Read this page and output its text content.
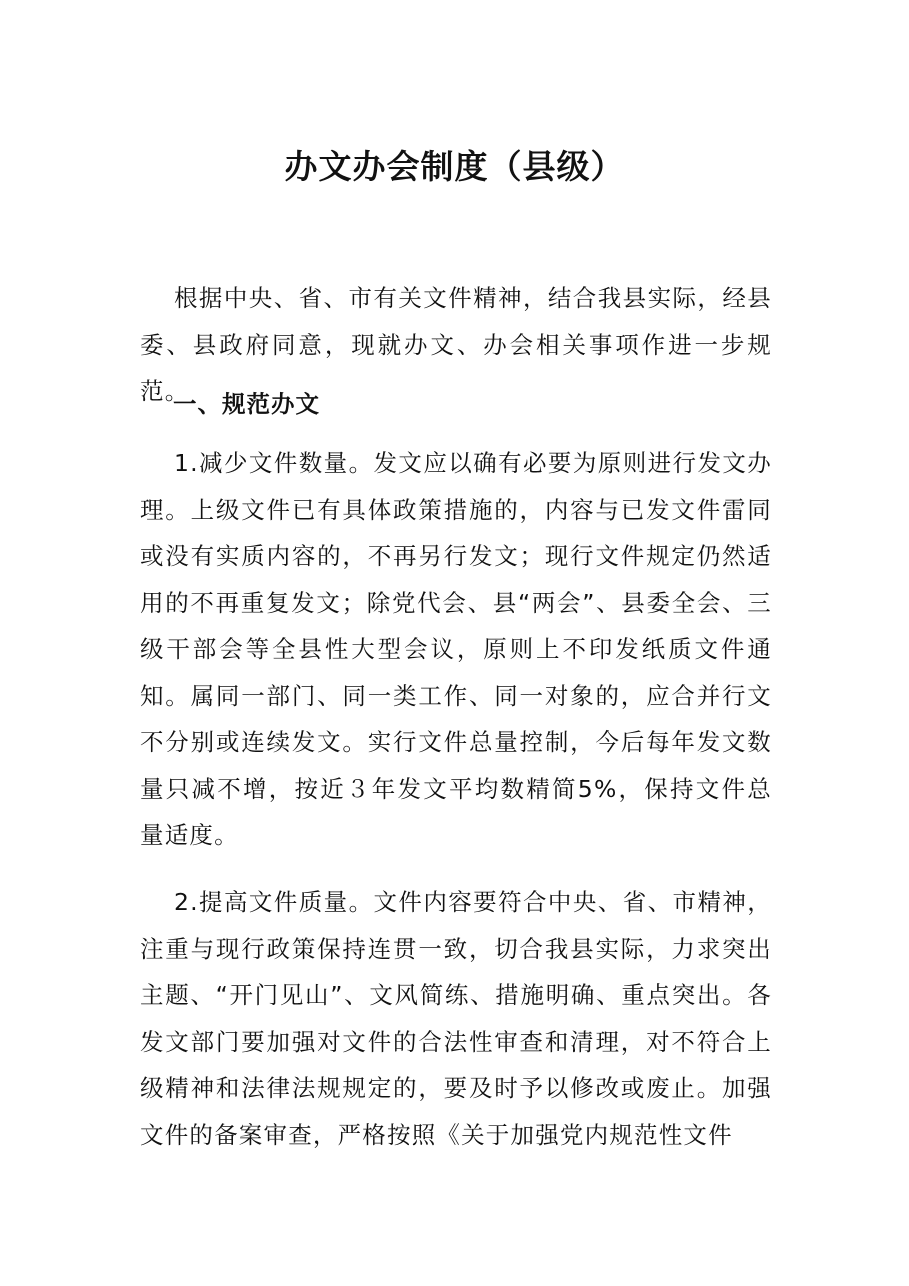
办文办会制度（县级）

根据中央、省、市有关文件精神，结合我县实际，经县委、县政府同意，现就办文、办会相关事项作进一步规范。

一、规范办文

1.减少文件数量。发文应以确有必要为原则进行发文办理。上级文件已有具体政策措施的，内容与已发文件雷同或没有实质内容的，不再另行发文；现行文件规定仍然适用的不再重复发文；除党代会、县“两会”、县委全会、三级干部会等全县性大型会议，原则上不印发纸质文件通知。属同一部门、同一类工作、同一对象的，应合并行文不分别或连续发文。实行文件总量控制，今后每年发文数量只减不增，按近３年发文平均数精简5%，保持文件总量适度。

2.提高文件质量。文件内容要符合中央、省、市精神，注重与现行政策保持连贯一致，切合我县实际，力求突出主题、“开门见山”、文风简练、措施明确、重点突出。各发文部门要加强对文件的合法性审查和清理，对不符合上级精神和法律法规规定的，要及时予以修改或废止。加强文件的备案审查，严格按照《关于加强党内规范性文件
